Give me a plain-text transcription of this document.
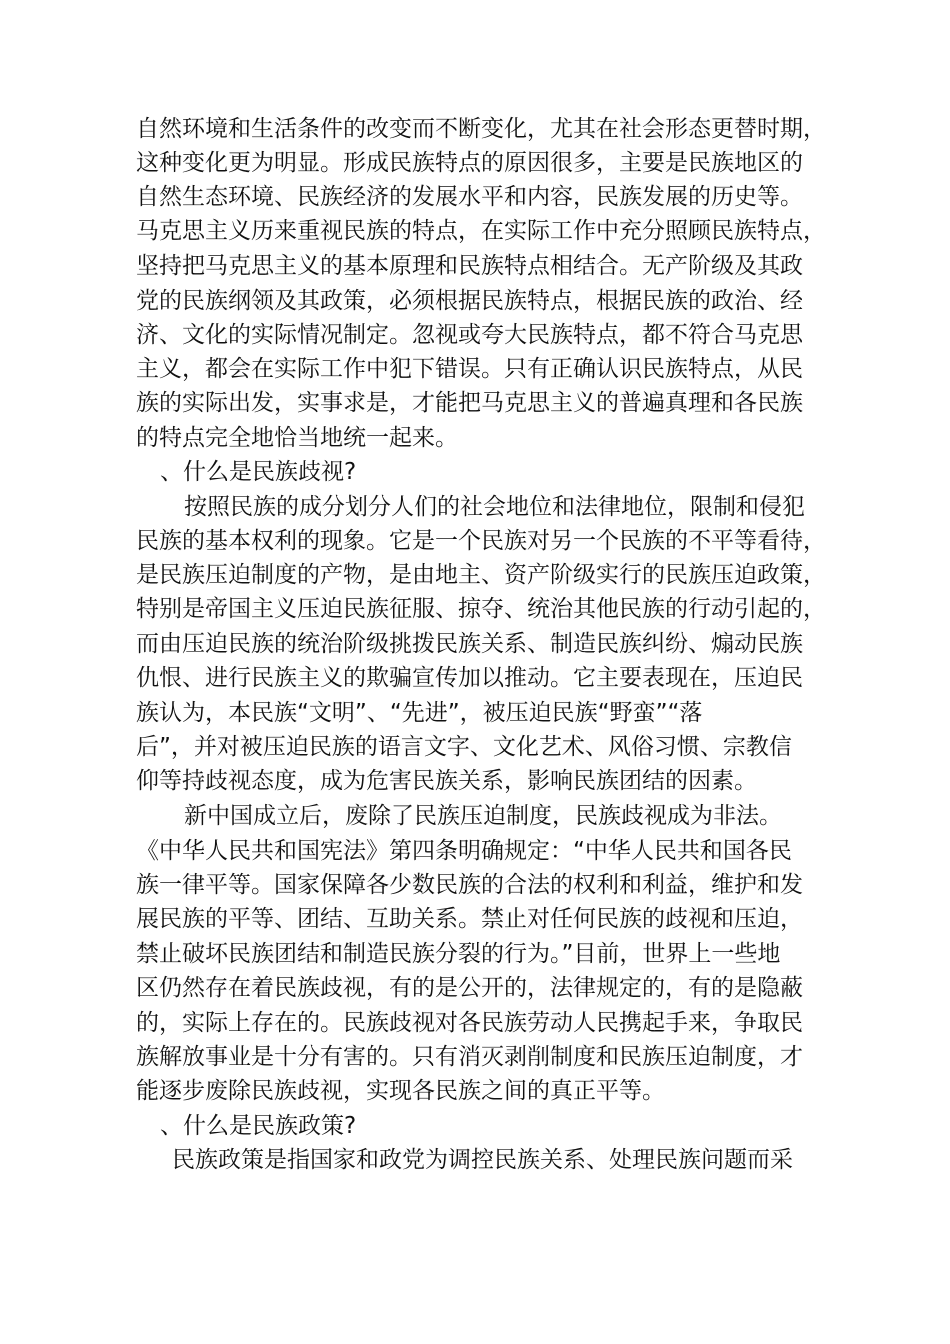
自然环境和生活条件的改变而不断变化，尤其在社会形态更替时期，
这种变化更为明显。形成民族特点的原因很多，主要是民族地区的
自然生态环境、民族经济的发展水平和内容，民族发展的历史等。
马克思主义历来重视民族的特点，在实际工作中充分照顾民族特点，
坚持把马克思主义的基本原理和民族特点相结合。无产阶级及其政
党的民族纲领及其政策，必须根据民族特点，根据民族的政治、经
济、文化的实际情况制定。忽视或夸大民族特点，都不符合马克思
主义，都会在实际工作中犯下错误。只有正确认识民族特点，从民
族的实际出发，实事求是，才能把马克思主义的普遍真理和各民族
的特点完全地恰当地统一起来。
、什么是民族歧视?
按照民族的成分划分人们的社会地位和法律地位，限制和侵犯
民族的基本权利的现象。它是一个民族对另一个民族的不平等看待，
是民族压迫制度的产物，是由地主、资产阶级实行的民族压迫政策，
特别是帝国主义压迫民族征服、掠夺、统治其他民族的行动引起的，
而由压迫民族的统治阶级挑拨民族关系、制造民族纠纷、煽动民族
仇恨、进行民族主义的欺骗宣传加以推动。它主要表现在，压迫民
族认为，本民族“文明”、“先进”，被压迫民族“野蛮”“落
后”，并对被压迫民族的语言文字、文化艺术、风俗习惯、宗教信
仰等持歧视态度，成为危害民族关系，影响民族团结的因素。
新中国成立后，废除了民族压迫制度，民族歧视成为非法。
《中华人民共和国宪法》第四条明确规定：“中华人民共和国各民
族一律平等。国家保障各少数民族的合法的权利和利益，维护和发
展民族的平等、团结、互助关系。禁止对任何民族的歧视和压迫，
禁止破坏民族团结和制造民族分裂的行为。”目前，世界上一些地
区仍然存在着民族歧视，有的是公开的，法律规定的，有的是隐蔽
的，实际上存在的。民族歧视对各民族劳动人民携起手来，争取民
族解放事业是十分有害的。只有消灭剥削制度和民族压迫制度，才
能逐步废除民族歧视，实现各民族之间的真正平等。
、什么是民族政策?
民族政策是指国家和政党为调控民族关系、处理民族问题而采
